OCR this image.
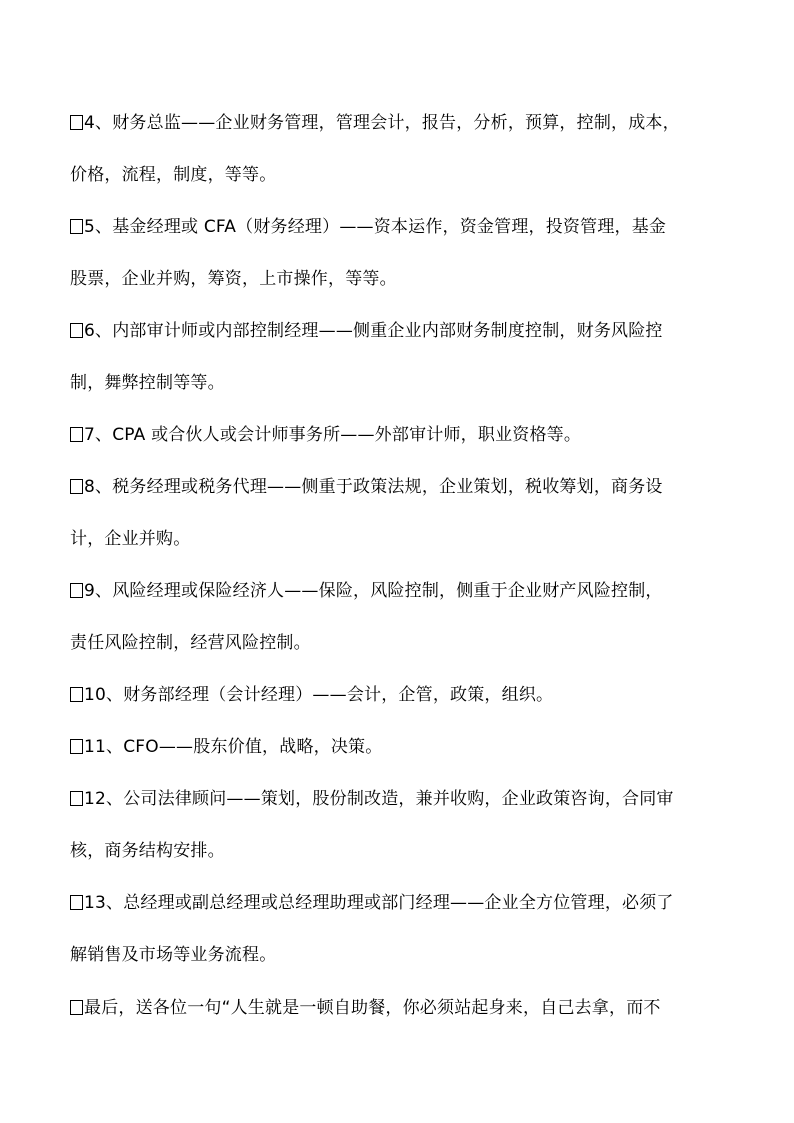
4、财务总监——企业财务管理，管理会计，报告，分析，预算，控制，成本，
价格，流程，制度，等等。
5、基金经理或 CFA（财务经理）——资本运作，资金管理，投资管理，基金
股票，企业并购，筹资，上市操作，等等。
6、内部审计师或内部控制经理——侧重企业内部财务制度控制，财务风险控
制，舞弊控制等等。
7、CPA 或合伙人或会计师事务所——外部审计师，职业资格等。
8、税务经理或税务代理——侧重于政策法规，企业策划，税收筹划，商务设
计，企业并购。
9、风险经理或保险经济人——保险，风险控制，侧重于企业财产风险控制，
责任风险控制，经营风险控制。
10、财务部经理（会计经理）——会计，企管，政策，组织。
11、CFO——股东价值，战略，决策。
12、公司法律顾问——策划，股份制改造，兼并收购，企业政策咨询，合同审
核，商务结构安排。
13、总经理或副总经理或总经理助理或部门经理——企业全方位管理，必须了
解销售及市场等业务流程。
最后，送各位一句“人生就是一顿自助餐，你必须站起身来，自己去拿，而不
